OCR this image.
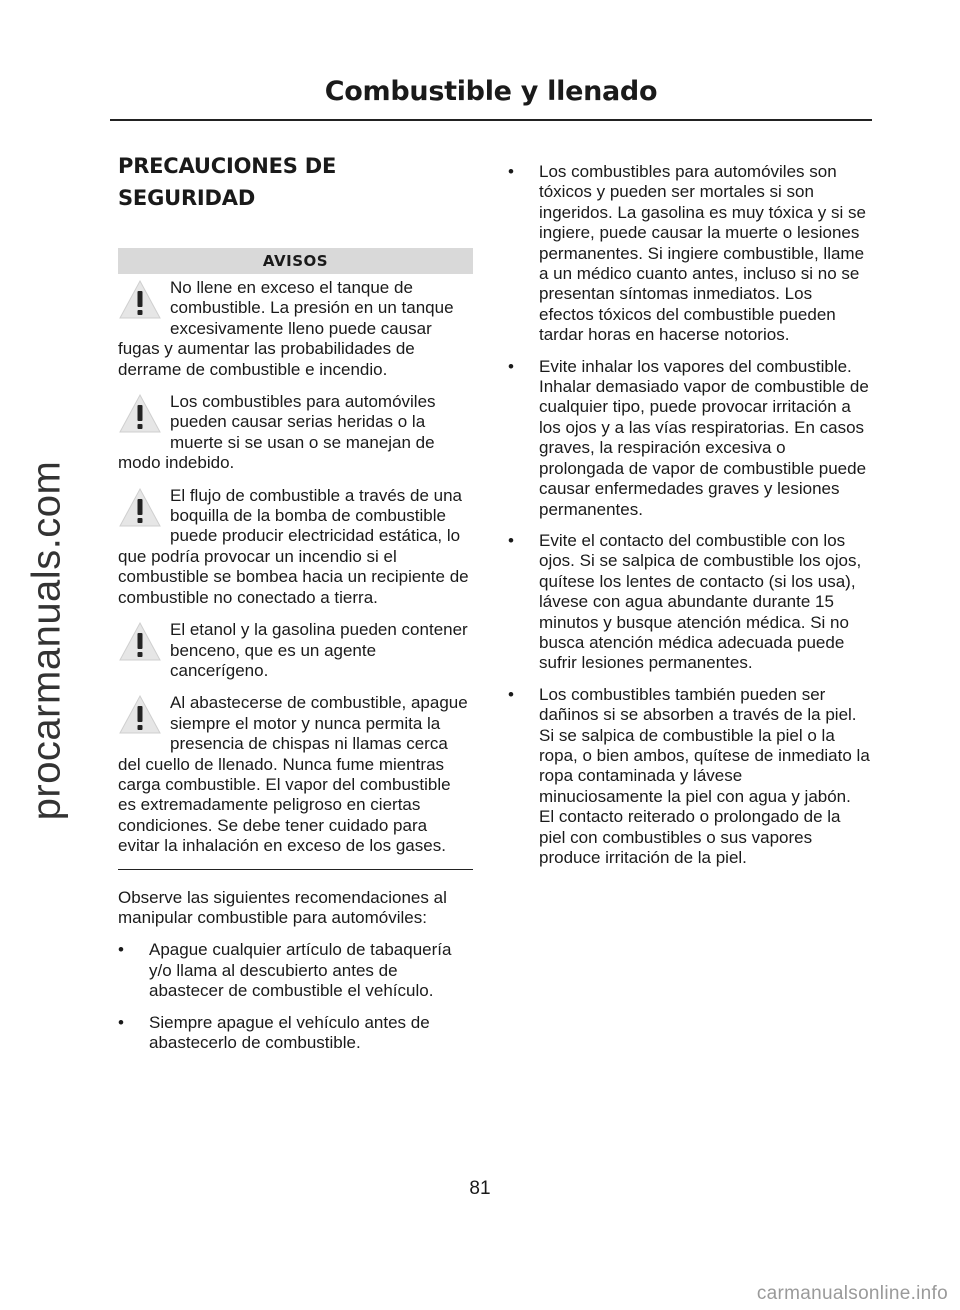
procarmanuals.com
Combustible y llenado
PRECAUCIONES DE
SEGURIDAD
AVISOS
No llene en exceso el tanque de combustible. La presión en un tanque excesivamente lleno puede causar fugas y aumentar las probabilidades de derrame de combustible e incendio.
Los combustibles para automóviles pueden causar serias heridas o la muerte si se usan o se manejan de modo indebido.
El flujo de combustible a través de una boquilla de la bomba de combustible puede producir electricidad estática, lo que podría provocar un incendio si el combustible se bombea hacia un recipiente de combustible no conectado a tierra.
El etanol y la gasolina pueden contener benceno, que es un agente cancerígeno.
Al abastecerse de combustible, apague siempre el motor y nunca permita la presencia de chispas ni llamas cerca del cuello de llenado. Nunca fume mientras carga combustible. El vapor del combustible es extremadamente peligroso en ciertas condiciones. Se debe tener cuidado para evitar la inhalación en exceso de los gases.

Observe las siguientes recomendaciones al manipular combustible para automóviles:

•	Apague cualquier artículo de tabaquería y/o llama al descubierto antes de abastecer de combustible el vehículo.
•	Siempre apague el vehículo antes de abastecerlo de combustible.
•	Los combustibles para automóviles son tóxicos y pueden ser mortales si son ingeridos. La gasolina es muy tóxica y si se ingiere, puede causar la muerte o lesiones permanentes. Si ingiere combustible, llame a un médico cuanto antes, incluso si no se presentan síntomas inmediatos. Los efectos tóxicos del combustible pueden tardar horas en hacerse notorios.
•	Evite inhalar los vapores del combustible. Inhalar demasiado vapor de combustible de cualquier tipo, puede provocar irritación a los ojos y a las vías respiratorias. En casos graves, la respiración excesiva o prolongada de vapor de combustible puede causar enfermedades graves y lesiones permanentes.
•	Evite el contacto del combustible con los ojos. Si se salpica de combustible los ojos, quítese los lentes de contacto (si los usa), lávese con agua abundante durante 15 minutos y busque atención médica. Si no busca atención médica adecuada puede sufrir lesiones permanentes.
•	Los combustibles también pueden ser dañinos si se absorben a través de la piel. Si se salpica de combustible la piel o la ropa, o bien ambos, quítese de inmediato la ropa contaminada y lávese minuciosamente la piel con agua y jabón. El contacto reiterado o prolongado de la piel con combustibles o sus vapores produce irritación de la piel.
81
carmanualsonline.info
